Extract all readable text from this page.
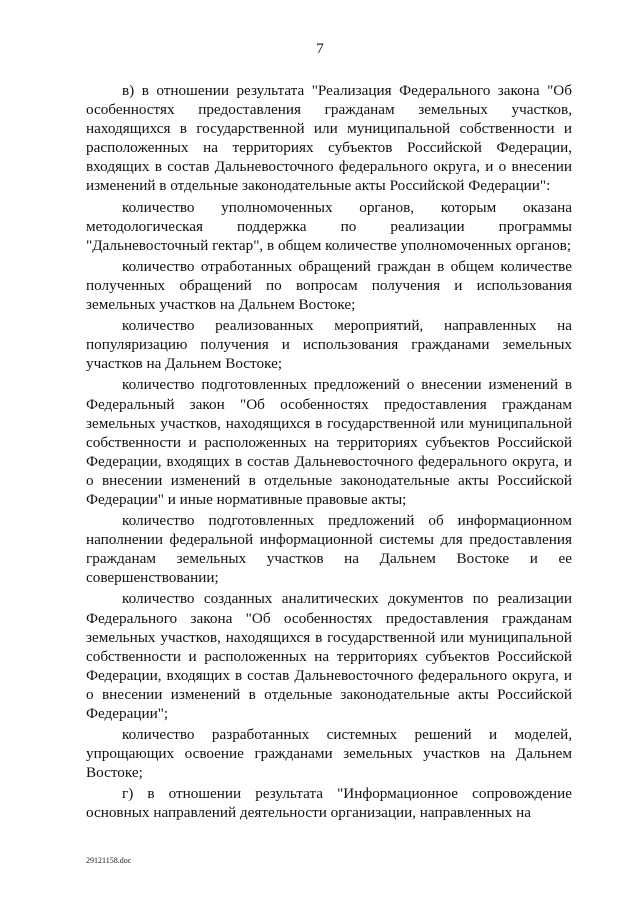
7

в) в отношении результата "Реализация Федерального закона "Об особенностях предоставления гражданам земельных участков, находящихся в государственной или муниципальной собственности и расположенных на территориях субъектов Российской Федерации, входящих в состав Дальневосточного федерального округа, и о внесении изменений в отдельные законодательные акты Российской Федерации":

количество уполномоченных органов, которым оказана методологическая поддержка по реализации программы "Дальневосточный гектар", в общем количестве уполномоченных органов;

количество отработанных обращений граждан в общем количестве полученных обращений по вопросам получения и использования земельных участков на Дальнем Востоке;

количество реализованных мероприятий, направленных на популяризацию получения и использования гражданами земельных участков на Дальнем Востоке;

количество подготовленных предложений о внесении изменений в Федеральный закон "Об особенностях предоставления гражданам земельных участков, находящихся в государственной или муниципальной собственности и расположенных на территориях субъектов Российской Федерации, входящих в состав Дальневосточного федерального округа, и о внесении изменений в отдельные законодательные акты Российской Федерации" и иные нормативные правовые акты;

количество подготовленных предложений об информационном наполнении федеральной информационной системы для предоставления гражданам земельных участков на Дальнем Востоке и ее совершенствовании;

количество созданных аналитических документов по реализации Федерального закона "Об особенностях предоставления гражданам земельных участков, находящихся в государственной или муниципальной собственности и расположенных на территориях субъектов Российской Федерации, входящих в состав Дальневосточного федерального округа, и о внесении изменений в отдельные законодательные акты Российской Федерации";

количество разработанных системных решений и моделей, упрощающих освоение гражданами земельных участков на Дальнем Востоке;

г) в отношении результата "Информационное сопровождение основных направлений деятельности организации, направленных на

29121158.doc
